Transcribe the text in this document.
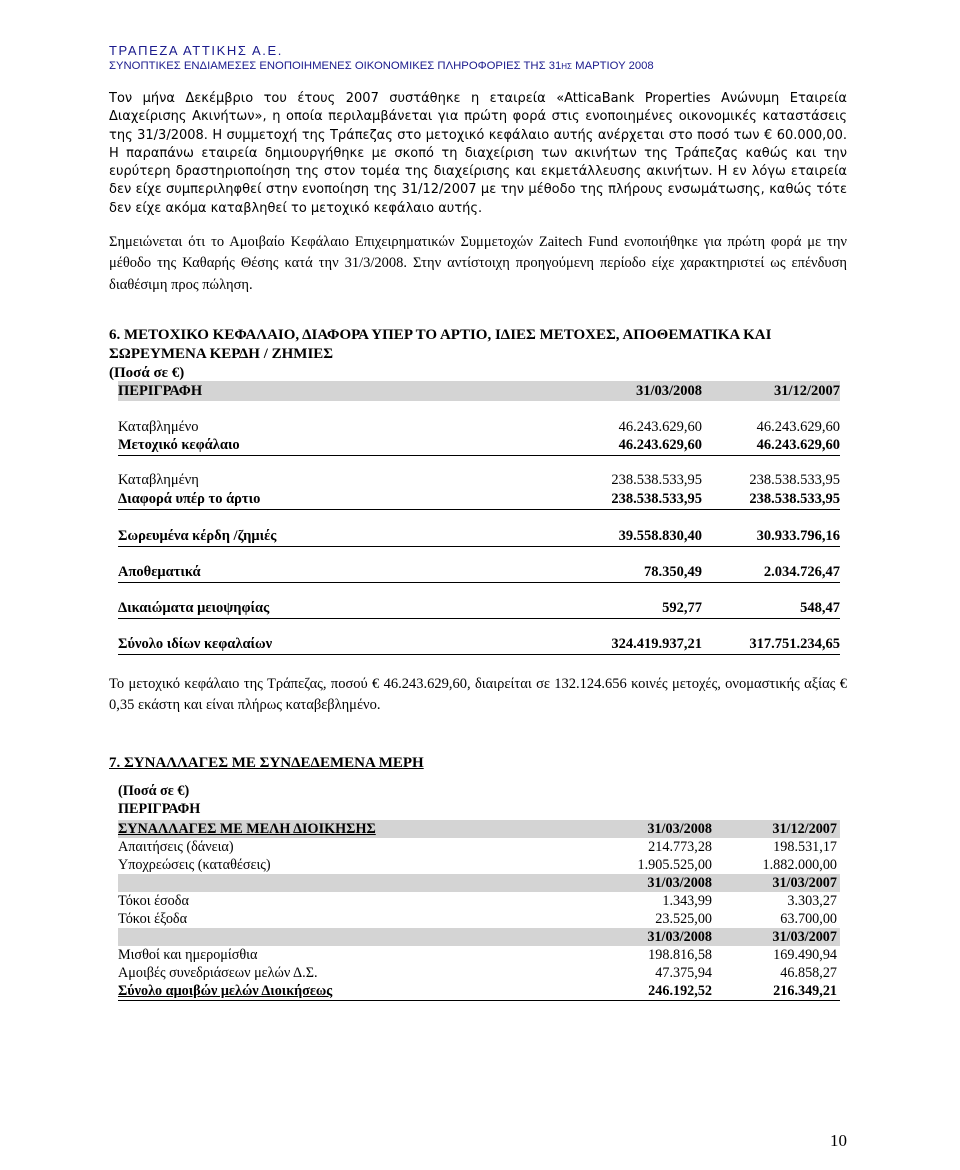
ΤΡΑΠΕΖΑ ΑΤΤΙΚΗΣ Α.Ε.
ΣΥΝΟΠΤΙΚΕΣ ΕΝΔΙΑΜΕΣΕΣ ΕΝΟΠΟΙΗΜΕΝΕΣ ΟΙΚΟΝΟΜΙΚΕΣ ΠΛΗΡΟΦΟΡΙΕΣ ΤΗΣ 31ΗΣ ΜΑΡΤΙΟΥ 2008
Τον μήνα Δεκέμβριο του έτους 2007 συστάθηκε η εταιρεία «AtticaBank Properties Ανώνυμη Εταιρεία Διαχείρισης Ακινήτων», η οποία περιλαμβάνεται για πρώτη φορά στις ενοποιημένες οικονομικές καταστάσεις της 31/3/2008. Η συμμετοχή της Τράπεζας στο μετοχικό κεφάλαιο αυτής ανέρχεται στο ποσό των € 60.000,00. Η παραπάνω εταιρεία δημιουργήθηκε με σκοπό τη διαχείριση των ακινήτων της Τράπεζας καθώς και την ευρύτερη δραστηριοποίηση της στον τομέα της διαχείρισης και εκμετάλλευσης ακινήτων. Η εν λόγω εταιρεία δεν είχε συμπεριληφθεί στην ενοποίηση της 31/12/2007 με την μέθοδο της πλήρους ενσωμάτωσης, καθώς τότε δεν είχε ακόμα καταβληθεί το μετοχικό κεφάλαιο αυτής.
Σημειώνεται ότι το Αμοιβαίο Κεφάλαιο Επιχειρηματικών Συμμετοχών Zaitech Fund ενοποιήθηκε για πρώτη φορά με την μέθοδο της Καθαρής Θέσης κατά την 31/3/2008. Στην αντίστοιχη προηγούμενη περίοδο είχε χαρακτηριστεί ως επένδυση διαθέσιμη προς πώληση.
6. ΜΕΤΟΧΙΚΟ ΚΕΦΑΛΑΙΟ, ΔΙΑΦΟΡΑ ΥΠΕΡ ΤΟ ΑΡΤΙΟ, ΙΔΙΕΣ ΜΕΤΟΧΕΣ, ΑΠΟΘΕΜΑΤΙΚΑ ΚΑΙ ΣΩΡΕΥΜΕΝΑ ΚΕΡΔΗ / ΖΗΜΙΕΣ
(Ποσά σε €)
ΠΕΡΙΓΡΑΦΗ	31/03/2008	31/12/2007
Καταβλημένο	46.243.629,60	46.243.629,60
Μετοχικό κεφάλαιο	46.243.629,60	46.243.629,60
Καταβλημένη	238.538.533,95	238.538.533,95
Διαφορά υπέρ το άρτιο	238.538.533,95	238.538.533,95
Σωρευμένα κέρδη /ζημιές	39.558.830,40	30.933.796,16
Αποθεματικά	78.350,49	2.034.726,47
Δικαιώματα μειοψηφίας	592,77	548,47
Σύνολο ιδίων κεφαλαίων	324.419.937,21	317.751.234,65
Το μετοχικό κεφάλαιο της Τράπεζας, ποσού € 46.243.629,60, διαιρείται σε 132.124.656 κοινές μετοχές, ονομαστικής αξίας € 0,35 εκάστη και είναι πλήρως καταβεβλημένο.
7. ΣΥΝΑΛΛΑΓΕΣ ΜΕ ΣΥΝΔΕΔΕΜΕΝΑ ΜΕΡΗ
(Ποσά σε €)
ΠΕΡΙΓΡΑΦΗ
ΣΥΝΑΛΛΑΓΕΣ ΜΕ ΜΕΛΗ ΔΙΟΙΚΗΣΗΣ	31/03/2008	31/12/2007
Απαιτήσεις (δάνεια)	214.773,28	198.531,17
Υποχρεώσεις (καταθέσεις)	1.905.525,00	1.882.000,00
31/03/2008	31/03/2007
Τόκοι έσοδα	1.343,99	3.303,27
Τόκοι έξοδα	23.525,00	63.700,00
31/03/2008	31/03/2007
Μισθοί και ημερομίσθια	198.816,58	169.490,94
Αμοιβές συνεδριάσεων μελών Δ.Σ.	47.375,94	46.858,27
Σύνολο αμοιβών μελών Διοικήσεως	246.192,52	216.349,21
10
